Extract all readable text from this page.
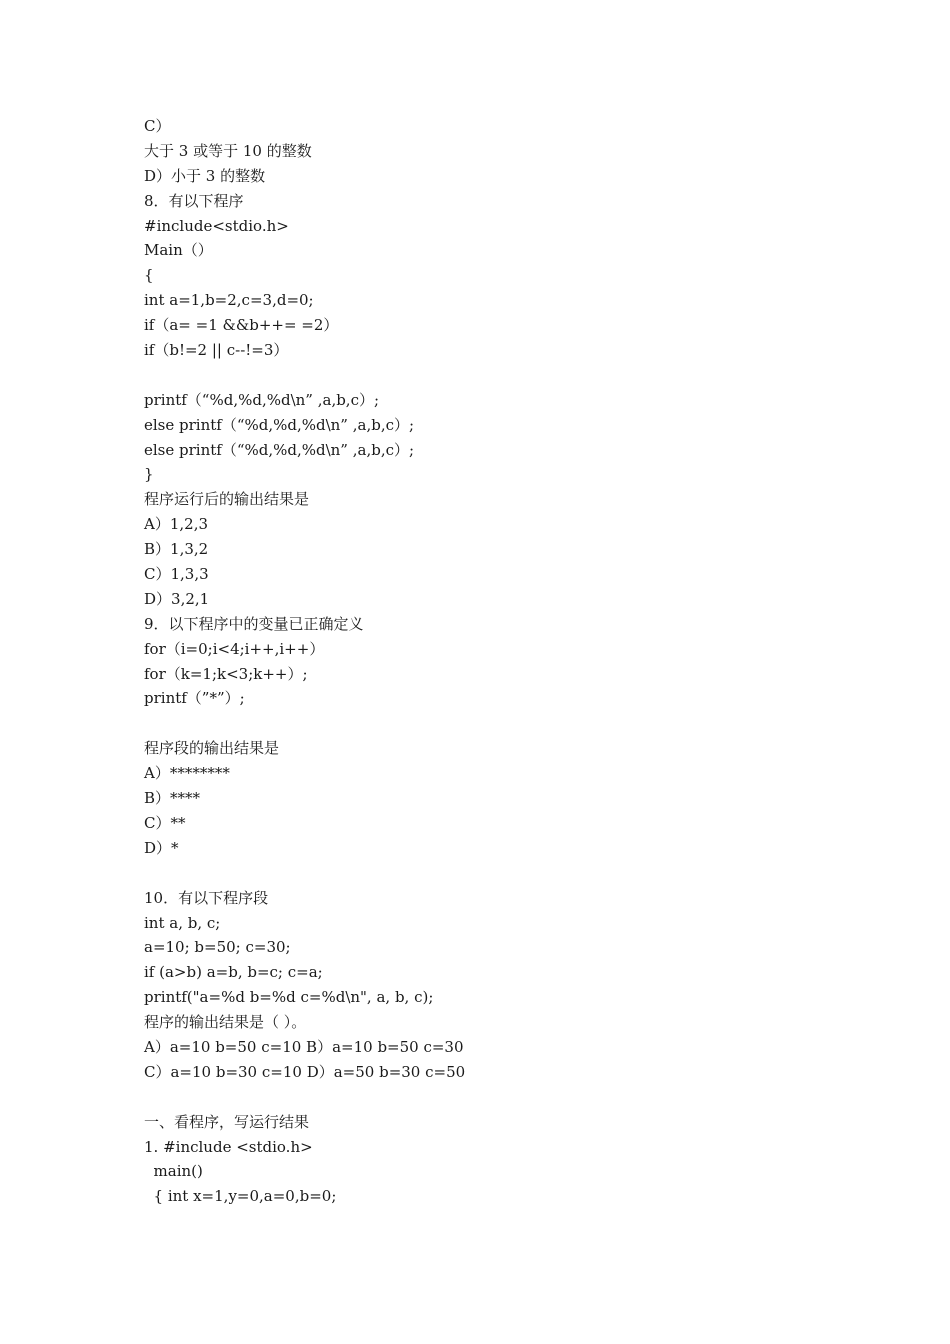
C）
大于 3 或等于 10 的整数
D）小于 3 的整数
8．有以下程序
#include<stdio.h>
Main（）
{
int a=1,b=2,c=3,d=0;
if（a= =1 &&b++= =2）
if（b!=2 || c--!=3）
printf（“%d,%d,%d\n” ,a,b,c）;
else printf（“%d,%d,%d\n” ,a,b,c）;
else printf（“%d,%d,%d\n” ,a,b,c）;
}
程序运行后的输出结果是
A）1,2,3
B）1,3,2
C）1,3,3
D）3,2,1
9．以下程序中的变量已正确定义
for（i=0;i<4;i++,i++）
for（k=1;k<3;k++）;
printf（”*”）;
程序段的输出结果是
A）********
B）****
C）**
D）*
10．有以下程序段
int a, b, c;
a=10; b=50; c=30;
if (a>b) a=b, b=c; c=a;
printf("a=%d b=%d c=%d\n", a, b, c);
程序的输出结果是（ ）。
A）a=10 b=50 c=10 B）a=10 b=50 c=30
C）a=10 b=30 c=10 D）a=50 b=30 c=50
一、看程序，写运行结果
1. #include <stdio.h>
main()
{ int x=1,y=0,a=0,b=0;
